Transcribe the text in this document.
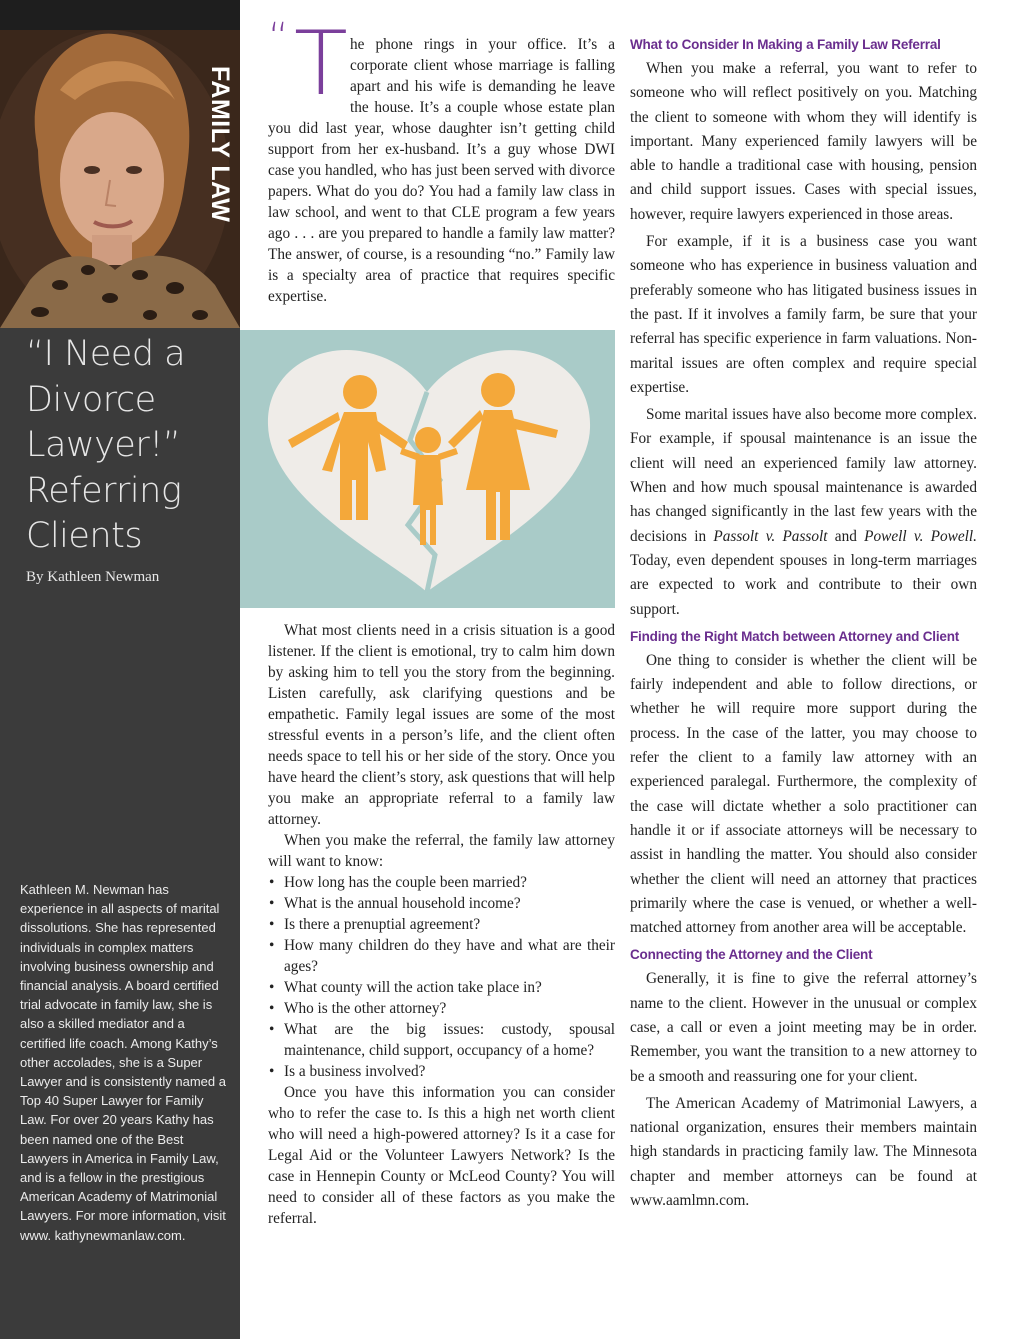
FAMILY LAW
“I Need a
Divorce
Lawyer!”
Referring
Clients
By Kathleen Newman
Kathleen M. Newman has experience in all aspects of marital dissolutions. She has represented individuals in complex matters involving business ownership and financial analysis. A board certified trial advocate in family law, she is also a skilled mediator and a certified life coach. Among Kathy’s other accolades, she is a Super Lawyer and is consistently named a Top 40 Super Lawyer for Family Law. For over 20 years Kathy has been named one of the Best Lawyers in America in Family Law, and is a fellow in the prestigious American Academy of Matrimonial Lawyers. For more information, visit www. kathynewmanlaw.com.
“ T he phone rings in your office. It’s a corporate client whose marriage is falling apart and his wife is demanding he leave the house. It’s a couple whose estate plan you did last year, whose daughter isn’t getting child support from her ex-husband. It’s a guy whose DWI case you handled, who has just been served with divorce papers. What do you do? You had a family law class in law school, and went to that CLE program a few years ago . . . are you prepared to handle a family law matter? The answer, of course, is a resounding “no.” Family law is a specialty area of practice that requires specific expertise.

What most clients need in a crisis situation is a good listener. If the client is emotional, try to calm him down by asking him to tell you the story from the beginning. Listen carefully, ask clarifying questions and be empathetic. Family legal issues are some of the most stressful events in a person’s life, and the client often needs space to tell his or her side of the story. Once you have heard the client’s story, ask questions that will help you make an appropriate referral to a family law attorney.

When you make the referral, the family law attorney will want to know:

• How long has the couple been married?
• What is the annual household income?
• Is there a prenuptial agreement?
• How many children do they have and what are their ages?
• What county will the action take place in?
• Who is the other attorney?
• What are the big issues: custody, spousal maintenance, child support, occupancy of a home?
• Is a business involved?

Once you have this information you can consider who to refer the case to. Is this a high net worth client who will need a high-powered attorney? Is it a case for Legal Aid or the Volunteer Lawyers Network? Is the case in Hennepin County or McLeod County? You will need to consider all of these factors as you make the referral.

What to Consider In Making a Family Law Referral

When you make a referral, you want to refer to someone who will reflect positively on you. Matching the client to someone with whom they will identify is important. Many experienced family lawyers will be able to handle a traditional case with housing, pension and child support issues. Cases with special issues, however, require lawyers experienced in those areas.

For example, if it is a business case you want someone who has experience in business valuation and preferably someone who has litigated business issues in the past. If it involves a family farm, be sure that your referral has specific experience in farm valuations. Non-marital issues are often complex and require special expertise.

Some marital issues have also become more complex. For example, if spousal maintenance is an issue the client will need an experienced family law attorney. When and how much spousal maintenance is awarded has changed significantly in the last few years with the decisions in Passolt v. Passolt and Powell v. Powell. Today, even dependent spouses in long-term marriages are expected to work and contribute to their own support.

Finding the Right Match between Attorney and Client

One thing to consider is whether the client will be fairly independent and able to follow directions, or whether he will require more support during the process. In the case of the latter, you may choose to refer the client to a family law attorney with an experienced paralegal. Furthermore, the complexity of the case will dictate whether a solo practitioner can handle it or if associate attorneys will be necessary to assist in handling the matter. You should also consider whether the client will need an attorney that practices primarily where the case is venued, or whether a well-matched attorney from another area will be acceptable.

Connecting the Attorney and the Client

Generally, it is fine to give the referral attorney’s name to the client. However in the unusual or complex case, a call or even a joint meeting may be in order. Remember, you want the transition to a new attorney to be a smooth and reassuring one for your client.

The American Academy of Matrimonial Lawyers, a national organization, ensures their members maintain high standards in practicing family law. The Minnesota chapter and member attorneys can be found at www.aamlmn.com.
